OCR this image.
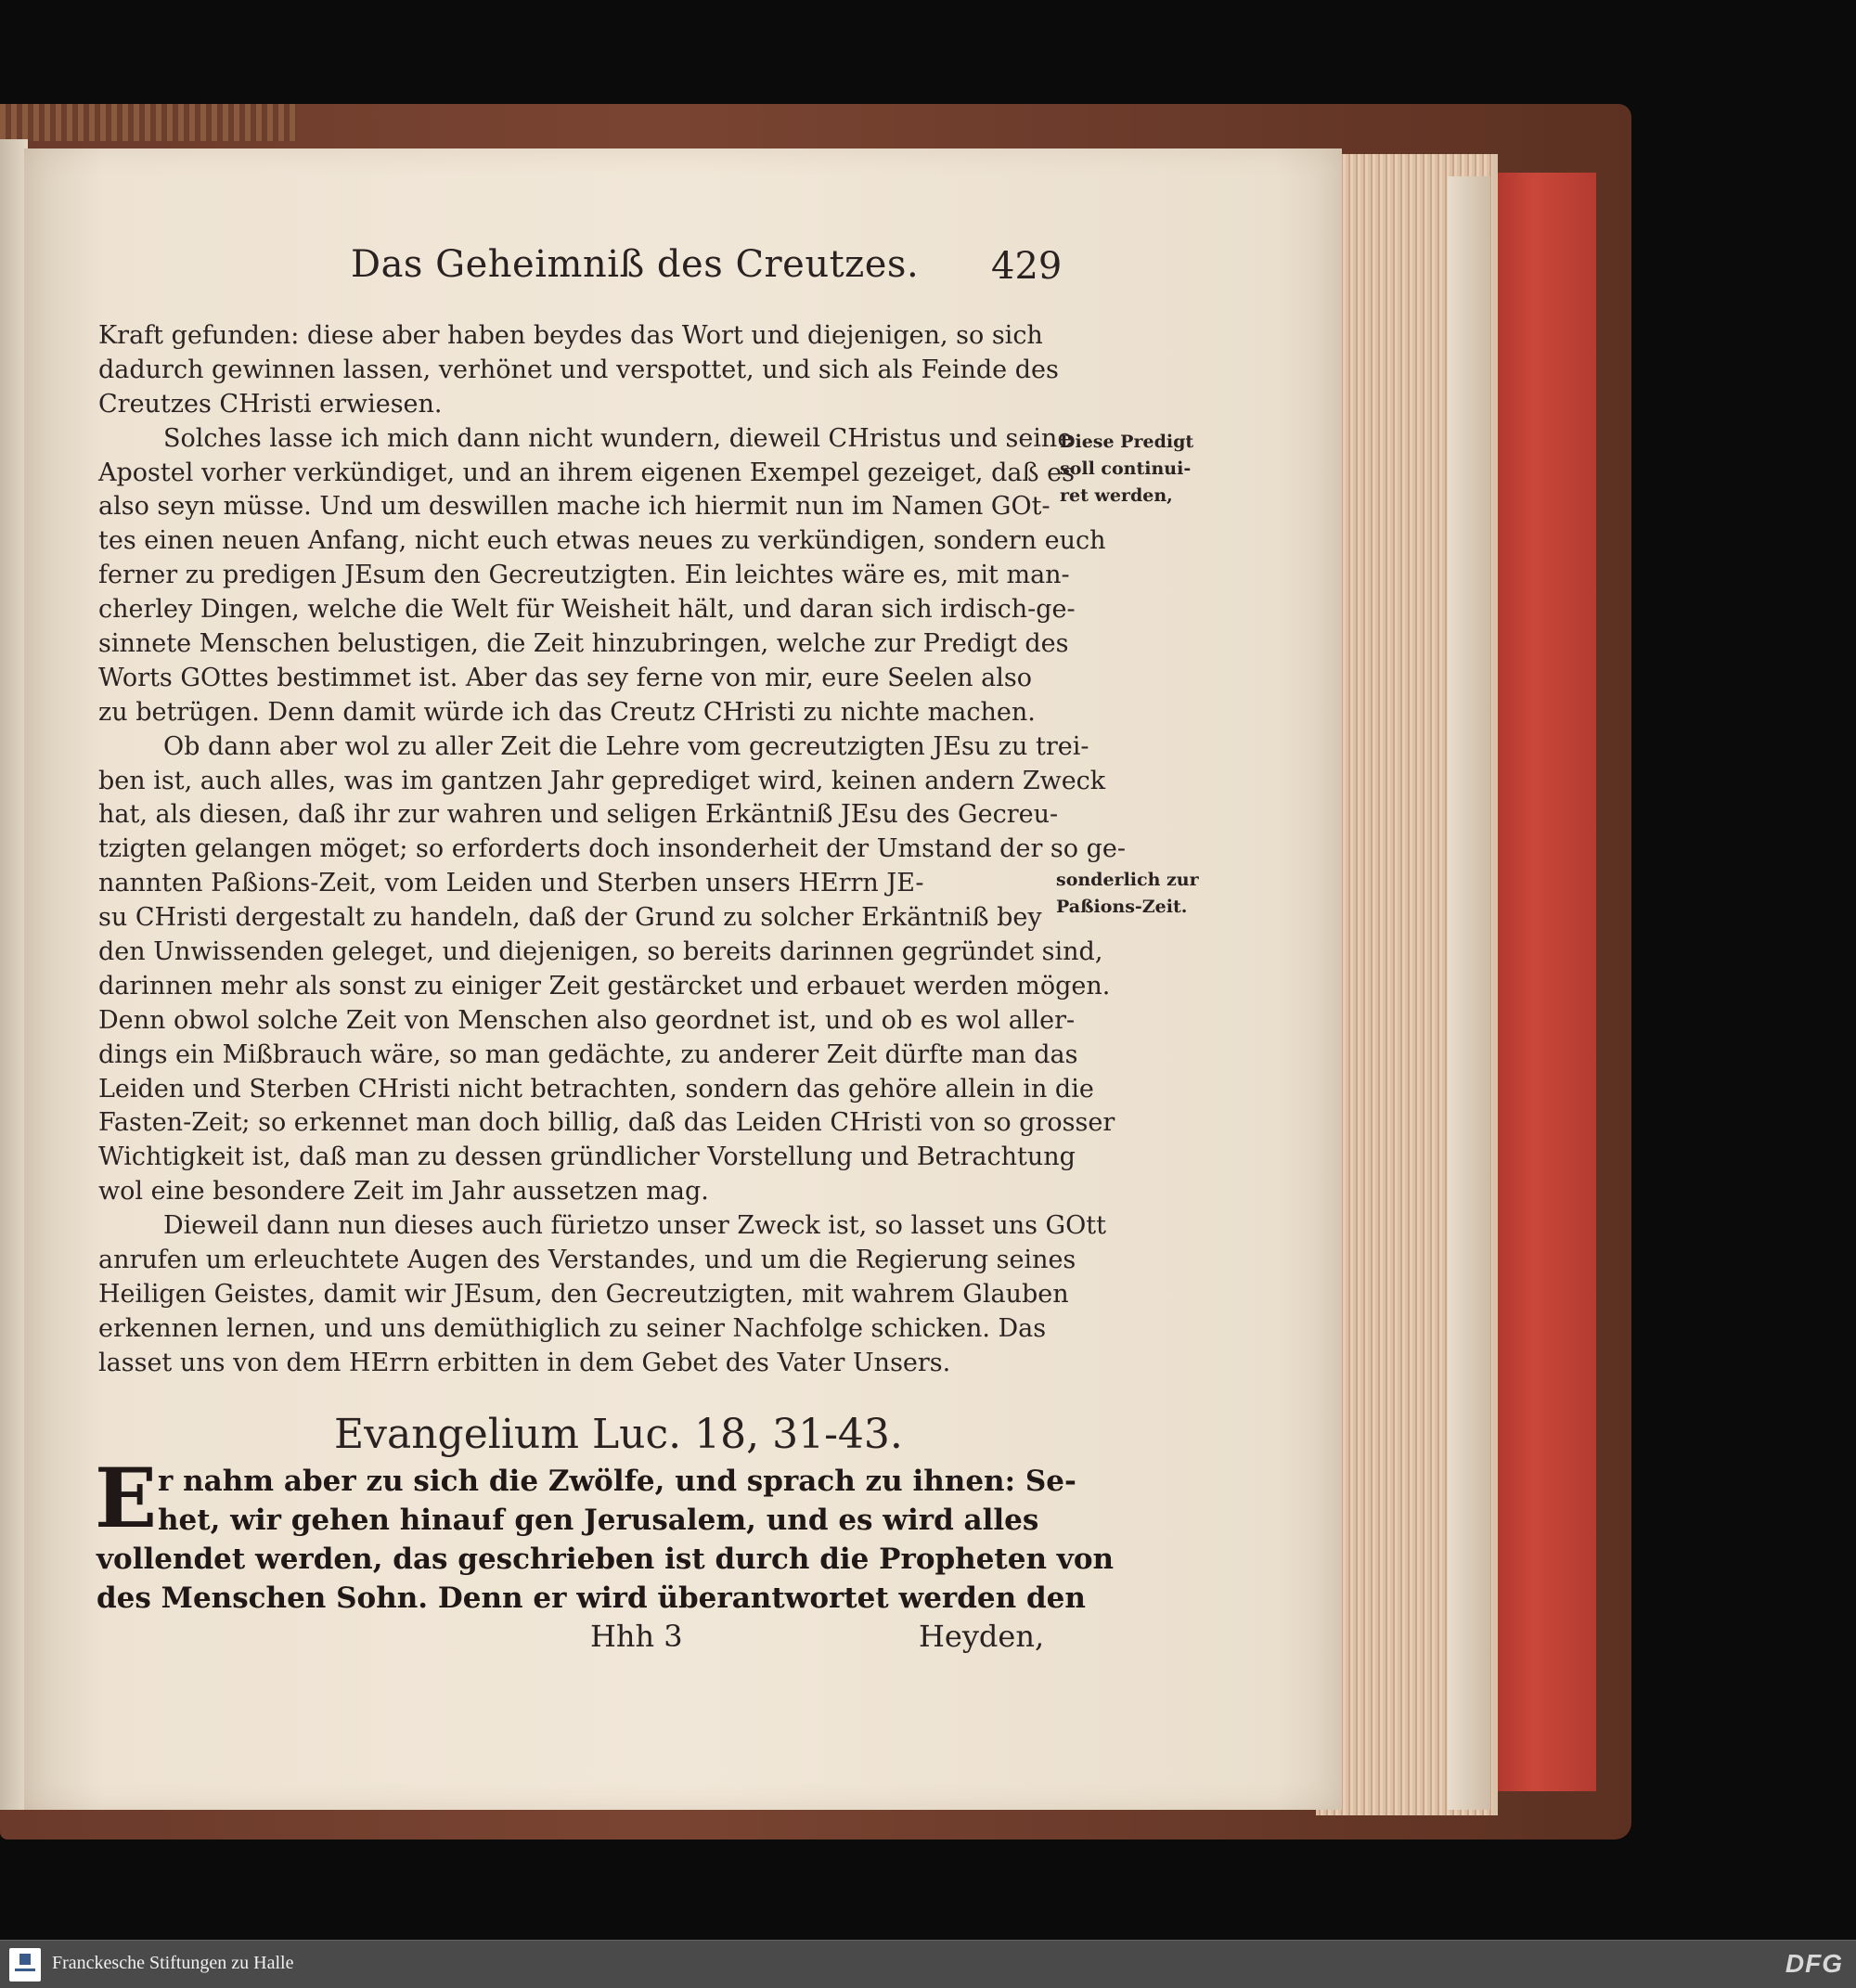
Das Geheimniß des Creutzes. 429
Kraft gefunden: diese aber haben beydes das Wort und diejenigen, so sich
dadurch gewinnen lassen, verhönet und verspottet, und sich als Feinde des
Creutzes CHristi erwiesen.
Solches lasse ich mich dann nicht wundern, dieweil CHristus und seine
Apostel vorher verkündiget, und an ihrem eigenen Exempel gezeiget, daß es
also seyn müsse. Und um deswillen mache ich hiermit nun im Namen GOt-
tes einen neuen Anfang, nicht euch etwas neues zu verkündigen, sondern euch
ferner zu predigen JEsum den Gecreutzigten. Ein leichtes wäre es, mit man-
cherley Dingen, welche die Welt für Weisheit hält, und daran sich irdisch-ge-
sinnete Menschen belustigen, die Zeit hinzubringen, welche zur Predigt des
Worts GOttes bestimmet ist. Aber das sey ferne von mir, eure Seelen also
zu betrügen. Denn damit würde ich das Creutz CHristi zu nichte machen.
Ob dann aber wol zu aller Zeit die Lehre vom gecreutzigten JEsu zu trei-
ben ist, auch alles, was im gantzen Jahr geprediget wird, keinen andern Zweck
hat, als diesen, daß ihr zur wahren und seligen Erkäntniß JEsu des Gecreu-
tzigten gelangen möget; so erforderts doch insonderheit der Umstand der so ge-
nannten Paßions-Zeit, vom Leiden und Sterben unsers HErrn JE-
su CHristi dergestalt zu handeln, daß der Grund zu solcher Erkäntniß bey
den Unwissenden geleget, und diejenigen, so bereits darinnen gegründet sind,
darinnen mehr als sonst zu einiger Zeit gestärcket und erbauet werden mögen.
Denn obwol solche Zeit von Menschen also geordnet ist, und ob es wol aller-
dings ein Mißbrauch wäre, so man gedächte, zu anderer Zeit dürfte man das
Leiden und Sterben CHristi nicht betrachten, sondern das gehöre allein in die
Fasten-Zeit; so erkennet man doch billig, daß das Leiden CHristi von so grosser
Wichtigkeit ist, daß man zu dessen gründlicher Vorstellung und Betrachtung
wol eine besondere Zeit im Jahr aussetzen mag.
Dieweil dann nun dieses auch fürietzo unser Zweck ist, so lasset uns GOtt
anrufen um erleuchtete Augen des Verstandes, und um die Regierung seines
Heiligen Geistes, damit wir JEsum, den Gecreutzigten, mit wahrem Glauben
erkennen lernen, und uns demüthiglich zu seiner Nachfolge schicken. Das
lasset uns von dem HErrn erbitten in dem Gebet des Vater Unsers.
Diese Predigt
soll continui-
ret werden,
sonderlich zur
Paßions-Zeit.
Evangelium Luc. 18, 31-43.
E r nahm aber zu sich die Zwölfe, und sprach zu ihnen: Se-
het, wir gehen hinauf gen Jerusalem, und es wird alles
vollendet werden, das geschrieben ist durch die Propheten von
des Menschen Sohn. Denn er wird überantwortet werden den
Hhh 3	Heyden,
Franckesche Stiftungen zu Halle	DFG
